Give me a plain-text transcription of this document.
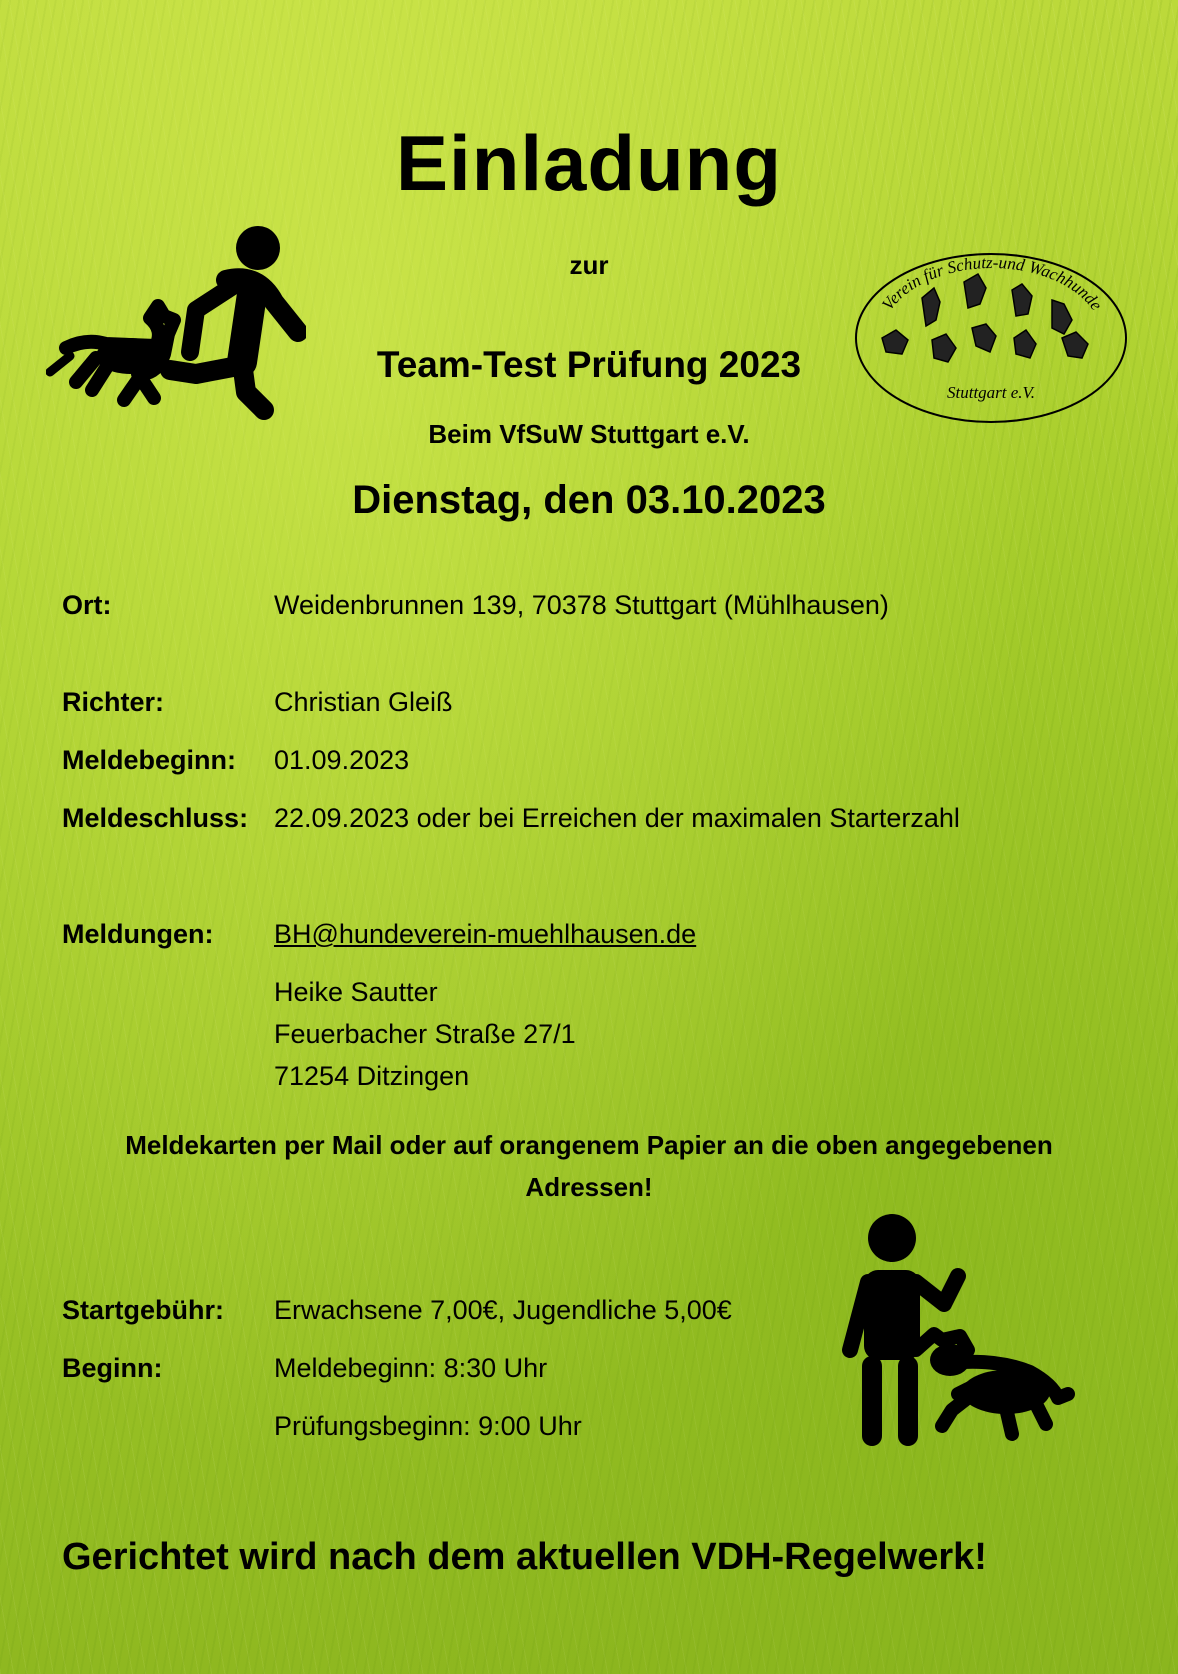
Einladung
zur
Team-Test Prüfung 2023
Beim VfSuW Stuttgart e.V.
Dienstag, den 03.10.2023
Verein für Schutz-und Wachhunde
Stuttgart e.V.
Ort:	Weidenbrunnen 139, 70378 Stuttgart (Mühlhausen)
Richter:	Christian Gleiß
Meldebeginn: 01.09.2023
Meldeschluss: 22.09.2023 oder bei Erreichen der maximalen Starterzahl
Meldungen: BH@hundeverein-muehlhausen.de
Heike Sautter
Feuerbacher Straße 27/1
71254 Ditzingen
Meldekarten per Mail oder auf orangenem Papier an die oben angegebenen Adressen!
Startgebühr: Erwachsene 7,00€, Jugendliche 5,00€
Beginn:	Meldebeginn: 8:30 Uhr
Prüfungsbeginn: 9:00 Uhr
Gerichtet wird nach dem aktuellen VDH-Regelwerk!
